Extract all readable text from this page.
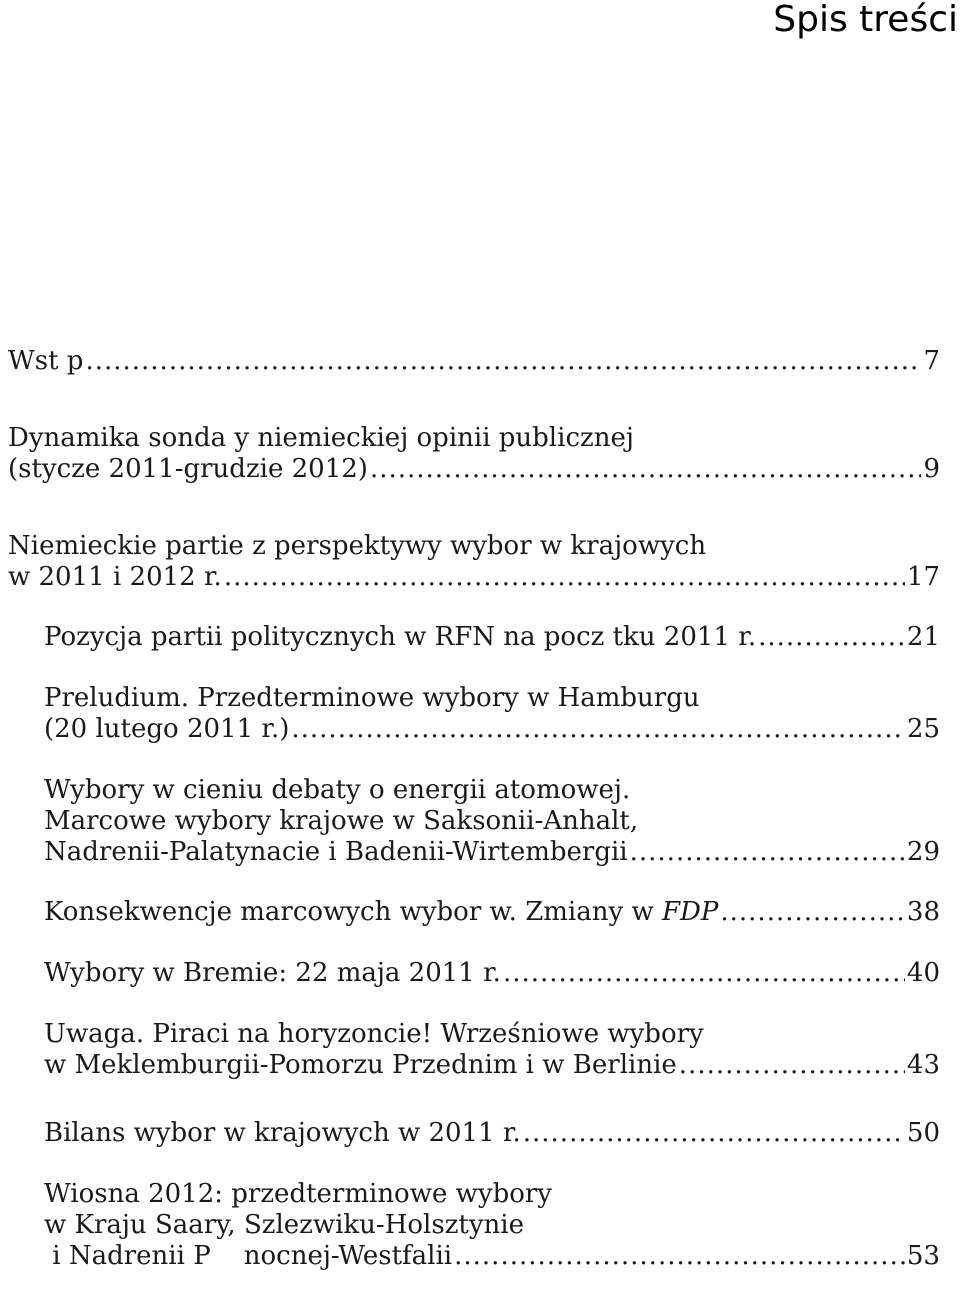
Spis treści
Wst p .....	7
Dynamika sonda y niemieckiej opinii publicznej
(stycze 2011-grudzie 2012) .....	9
Niemieckie partie z perspektywy wybor w krajowych
w 2011 i 2012 r. .....	17
Pozycja partii politycznych w RFN na pocz tku 2011 r. .....	21
Preludium. Przedterminowe wybory w Hamburgu
(20 lutego 2011 r.) .....	25
Wybory w cieniu debaty o energii atomowej.
Marcowe wybory krajowe w Saksonii-Anhalt,
Nadrenii-Palatynacie i Badenii-Wirtembergii .....	29
Konsekwencje marcowych wybor w. Zmiany w FDP .....	38
Wybory w Bremie: 22 maja 2011 r. .....	40
Uwaga. Piraci na horyzoncie! Wrześniowe wybory
w Meklemburgii-Pomorzu Przednim i w Berlinie .....	43
Bilans wybor w krajowych w 2011 r. .....	50
Wiosna 2012: przedterminowe wybory
w Kraju Saary, Szlezwiku-Holsztynie
i Nadrenii P    nocnej-Westfalii .....	53
